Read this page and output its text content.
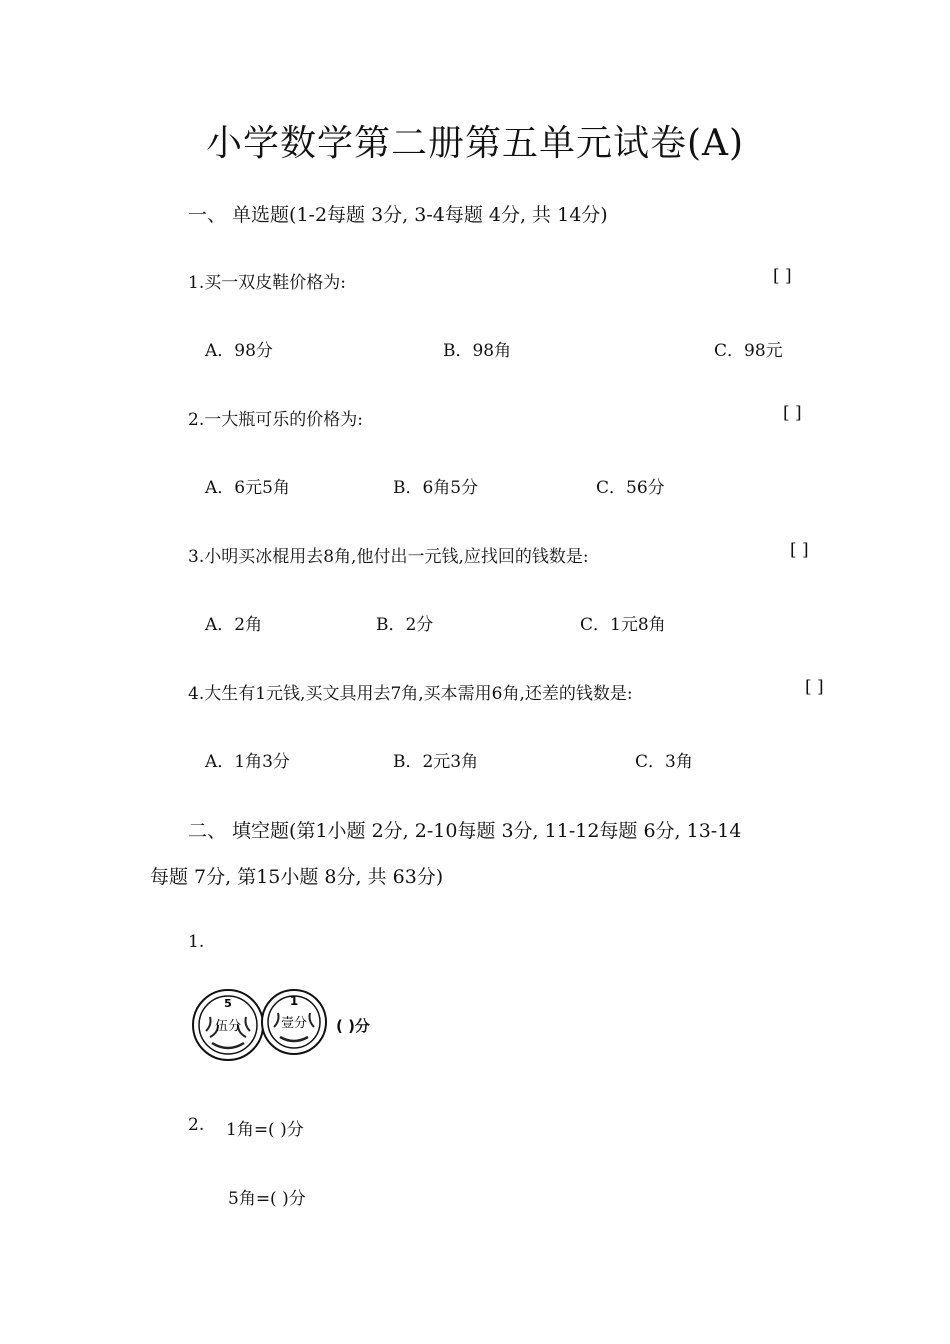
小学数学第二册第五单元试卷(A)
一、 单选题(1-2每题 3分, 3-4每题 4分, 共 14分)
1.买一双皮鞋价格为:	[ ]
A．98分	B．98角	C．98元
2.一大瓶可乐的价格为:	[ ]
A．6元5角	B．6角5分	C．56分
3.小明买冰棍用去8角,他付出一元钱,应找回的钱数是:	[ ]
A．2角	B．2分	C．1元8角
4.大生有1元钱,买文具用去7角,买本需用6角,还差的钱数是:	[ ]
A．1角3分	B．2元3角	C．3角
二、 填空题(第1小题 2分, 2-10每题 3分, 11-12每题 6分, 13-14
每题 7分, 第15小题 8分, 共 63分)
1.
5
伍分
1
壹分 ( )分
2. 1角=( )分
5角=( )分
